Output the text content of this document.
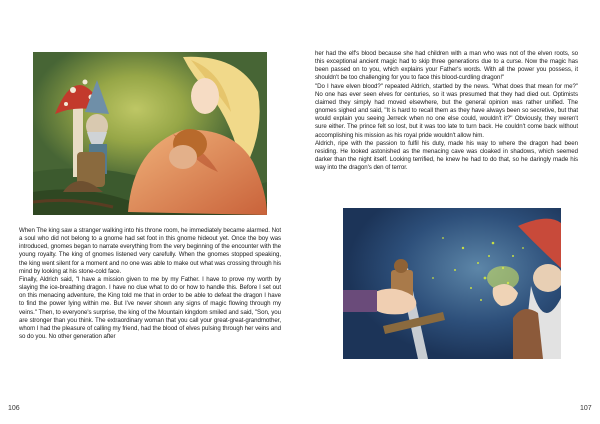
When The king saw a stranger walking into his throne room, he immediately became alarmed. Not a soul who did not belong to a gnome had set foot in this gnome hideout yet. Once the boy was introduced, gnomes began to narrate everything from the very beginning of the encounter with the young royalty. The king of gnomes listened very carefully. When the gnomes stopped speaking, the king went silent for a moment and no one was able to make out what was crossing through his mind by looking at his stone-cold face.

Finally, Aldrich said, "I have a mission given to me by my Father. I have to prove my worth by slaying the ice-breathing dragon. I have no clue what to do or how to handle this. Before I set out on this menacing adventure, the King told me that in order to be able to defeat the dragon I have to find the power lying within me. But I've never shown any signs of magic flowing through my veins." Then, to everyone's surprise, the king of the Mountain kingdom smiled and said, "Son, you are stronger than you think. The extraordinary woman that you call your great-great-grandmother, whom I had the pleasure of calling my friend, had the blood of elves pulsing through her veins and so do you. No other generation after

106

her had the elf's blood because she had children with a man who was not of the elven roots, so this exceptional ancient magic had to skip three generations due to a curse. Now the magic has been passed on to you, which explains your Father's words. With all the power you possess, it shouldn't be too challenging for you to face this blood-curdling dragon!"

"Do I have elven blood?" repeated Aldrich, startled by the news. "What does that mean for me?" No one has ever seen elves for centuries, so it was presumed that they had died out. Optimists claimed they simply had moved elsewhere, but the general opinion was rather unified. The gnomes sighed and said, "It is hard to recall them as they have always been so secretive, but that would explain you seeing Jerreck when no one else could, wouldn't it?" Obviously, they weren't sure either. The prince felt so lost, but it was too late to turn back. He couldn't come back without accomplishing his mission as his royal pride wouldn't allow him.

Aldrich, ripe with the passion to fulfil his duty, made his way to where the dragon had been residing. He looked astonished as the menacing cave was cloaked in shadows, which seemed darker than the night itself. Looking terrified, he knew he had to do that, so he daringly made his way into the dragon's den of terror.

107
